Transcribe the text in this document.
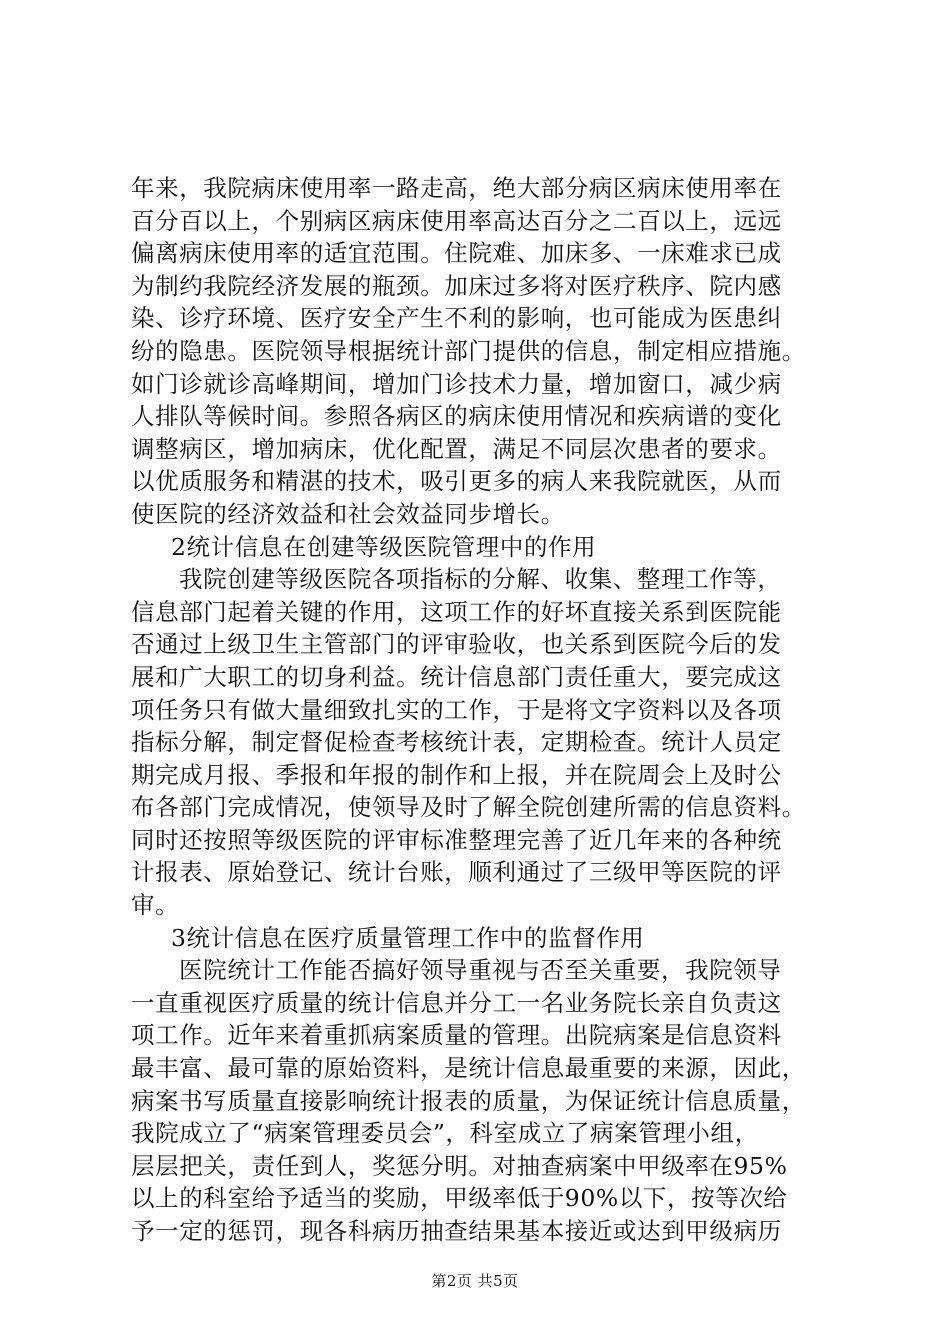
年来，我院病床使用率一路走高，绝大部分病区病床使用率在
百分百以上，个别病区病床使用率高达百分之二百以上，远远
偏离病床使用率的适宜范围。住院难、加床多、一床难求已成
为制约我院经济发展的瓶颈。加床过多将对医疗秩序、院内感
染、诊疗环境、医疗安全产生不利的影响，也可能成为医患纠
纷的隐患。医院领导根据统计部门提供的信息，制定相应措施。
如门诊就诊高峰期间，增加门诊技术力量，增加窗口，减少病
人排队等候时间。参照各病区的病床使用情况和疾病谱的变化
调整病区，增加病床，优化配置，满足不同层次患者的要求。
以优质服务和精湛的技术，吸引更多的病人来我院就医，从而
使医院的经济效益和社会效益同步增长。
2统计信息在创建等级医院管理中的作用
我院创建等级医院各项指标的分解、收集、整理工作等，
信息部门起着关键的作用，这项工作的好坏直接关系到医院能
否通过上级卫生主管部门的评审验收，也关系到医院今后的发
展和广大职工的切身利益。统计信息部门责任重大，要完成这
项任务只有做大量细致扎实的工作，于是将文字资料以及各项
指标分解，制定督促检查考核统计表，定期检查。统计人员定
期完成月报、季报和年报的制作和上报，并在院周会上及时公
布各部门完成情况，使领导及时了解全院创建所需的信息资料。
同时还按照等级医院的评审标准整理完善了近几年来的各种统
计报表、原始登记、统计台账，顺利通过了三级甲等医院的评
审。
3统计信息在医疗质量管理工作中的监督作用
医院统计工作能否搞好领导重视与否至关重要，我院领导
一直重视医疗质量的统计信息并分工一名业务院长亲自负责这
项工作。近年来着重抓病案质量的管理。出院病案是信息资料
最丰富、最可靠的原始资料，是统计信息最重要的来源，因此，
病案书写质量直接影响统计报表的质量，为保证统计信息质量，
我院成立了“病案管理委员会”，科室成立了病案管理小组，
层层把关，责任到人，奖惩分明。对抽查病案中甲级率在95%
以上的科室给予适当的奖励，甲级率低于90%以下，按等次给
予一定的惩罚，现各科病历抽查结果基本接近或达到甲级病历
第2页 共5页
